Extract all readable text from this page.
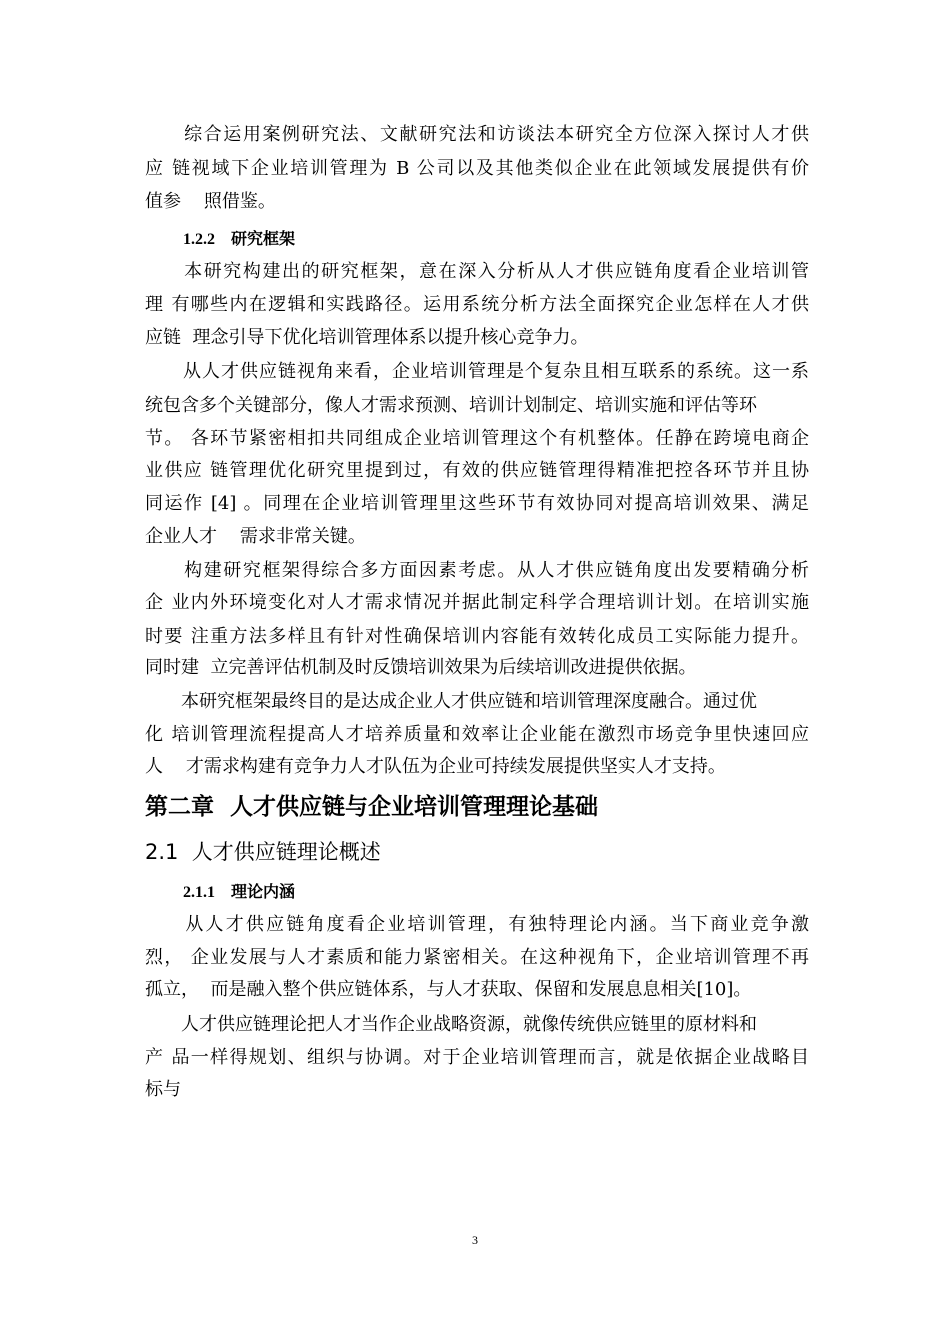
　　综合运用案例研究法、文献研究法和访谈法本研究全方位深入探讨人才供
应 链视域下企业培训管理为 B 公司以及其他类似企业在此领域发展提供有价
值参    照借鉴。
1.2.2    研究框架
　　本研究构建出的研究框架，意在深入分析从人才供应链角度看企业培训管
理 有哪些内在逻辑和实践路径。运用系统分析方法全面探究企业怎样在人才供
应链  理念引导下优化培训管理体系以提升核心竞争力。
　　从人才供应链视角来看，企业培训管理是个复杂且相互联系的系统。这一系
统包含多个关键部分，像人才需求预测、培训计划制定、培训实施和评估等环
节。 各环节紧密相扣共同组成企业培训管理这个有机整体。任静在跨境电商企
业供应 链管理优化研究里提到过，有效的供应链管理得精准把控各环节并且协
同运作 [4] 。同理在企业培训管理里这些环节有效协同对提高培训效果、满足
企业人才    需求非常关键。
　　构建研究框架得综合多方面因素考虑。从人才供应链角度出发要精确分析
企 业内外环境变化对人才需求情况并据此制定科学合理培训计划。在培训实施
时要 注重方法多样且有针对性确保培训内容能有效转化成员工实际能力提升。
同时建  立完善评估机制及时反馈培训效果为后续培训改进提供依据。
　　本研究框架最终目的是达成企业人才供应链和培训管理深度融合。通过优
化 培训管理流程提高人才培养质量和效率让企业能在激烈市场竞争里快速回应
人    才需求构建有竞争力人才队伍为企业可持续发展提供坚实人才支持。
第二章  人才供应链与企业培训管理理论基础
2.1  人才供应链理论概述
2.1.1    理论内涵
　　从人才供应链角度看企业培训管理，有独特理论内涵。当下商业竞争激
烈， 企业发展与人才素质和能力紧密相关。在这种视角下，企业培训管理不再
孤立，  而是融入整个供应链体系，与人才获取、保留和发展息息相关[10]。
　　人才供应链理论把人才当作企业战略资源，就像传统供应链里的原材料和
产 品一样得规划、组织与协调。对于企业培训管理而言，就是依据企业战略目
标与
3
